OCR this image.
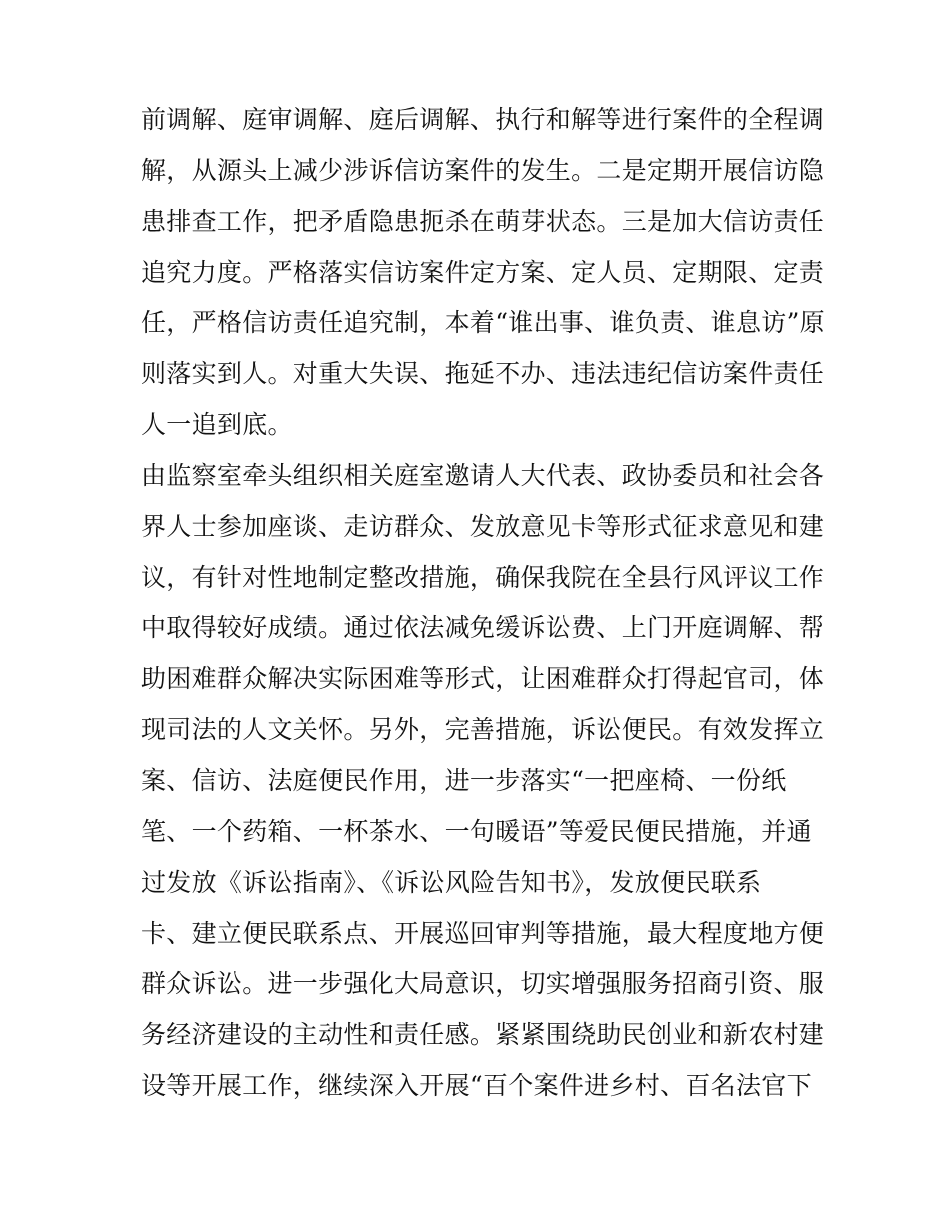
前调解、庭审调解、庭后调解、执行和解等进行案件的全程调
解，从源头上减少涉诉信访案件的发生。二是定期开展信访隐
患排查工作，把矛盾隐患扼杀在萌芽状态。三是加大信访责任
追究力度。严格落实信访案件定方案、定人员、定期限、定责
任，严格信访责任追究制，本着“谁出事、谁负责、谁息访”原
则落实到人。对重大失误、拖延不办、违法违纪信访案件责任
人一追到底。
由监察室牵头组织相关庭室邀请人大代表、政协委员和社会各
界人士参加座谈、走访群众、发放意见卡等形式征求意见和建
议，有针对性地制定整改措施，确保我院在全县行风评议工作
中取得较好成绩。通过依法减免缓诉讼费、上门开庭调解、帮
助困难群众解决实际困难等形式，让困难群众打得起官司，体
现司法的人文关怀。另外，完善措施，诉讼便民。有效发挥立
案、信访、法庭便民作用，进一步落实“一把座椅、一份纸
笔、一个药箱、一杯茶水、一句暖语”等爱民便民措施，并通
过发放《诉讼指南》、《诉讼风险告知书》，发放便民联系
卡、建立便民联系点、开展巡回审判等措施，最大程度地方便
群众诉讼。进一步强化大局意识，切实增强服务招商引资、服
务经济建设的主动性和责任感。紧紧围绕助民创业和新农村建
设等开展工作，继续深入开展“百个案件进乡村、百名法官下
